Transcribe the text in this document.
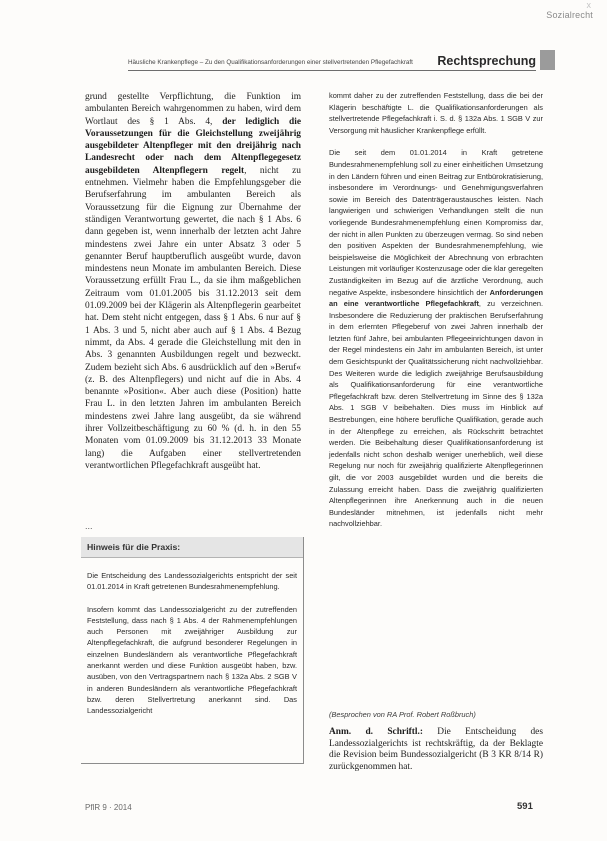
x
Sozialrecht
Häusliche Krankenpflege – Zu den Qualifikationsanforderungen einer stellvertretenden Pflegefachkraft Rechtsprechung

grund gestellte Verpflichtung, die Funktion im ambulanten Bereich wahrgenommen zu haben, wird dem Wortlaut des § 1 Abs. 4, der lediglich die Voraussetzungen für die Gleichstellung zweijährig ausgebildeter Altenpfleger mit den dreijährig nach Landesrecht oder nach dem Altenpflegegesetz ausgebildeten Altenpflegern regelt, nicht zu entnehmen. Vielmehr haben die Empfehlungsgeber die Berufserfahrung im ambulanten Bereich als Voraussetzung für die Eignung zur Übernahme der ständigen Verantwortung gewertet, die nach § 1 Abs. 6 dann gegeben ist, wenn innerhalb der letzten acht Jahre mindestens zwei Jahre ein unter Absatz 3 oder 5 genannter Beruf hauptberuflich ausgeübt wurde, davon mindestens neun Monate im ambulanten Bereich. Diese Voraussetzung erfüllt Frau L., da sie ihm maßgeblichen Zeitraum vom 01.01.2005 bis 31.12.2013 seit dem 01.09.2009 bei der Klägerin als Altenpflegerin gearbeitet hat. Dem steht nicht entgegen, dass § 1 Abs. 6 nur auf § 1 Abs. 3 und 5, nicht aber auch auf § 1 Abs. 4 Bezug nimmt, da Abs. 4 gerade die Gleichstellung mit den in Abs. 3 genannten Ausbildungen regelt und bezweckt. Zudem bezieht sich Abs. 6 ausdrücklich auf den »Beruf« (z. B. des Altenpflegers) und nicht auf die in Abs. 4 benannte »Position«. Aber auch diese (Position) hatte Frau L. in den letzten Jahren im ambulanten Bereich mindestens zwei Jahre lang ausgeübt, da sie während ihrer Vollzeitbeschäftigung zu 60 % (d. h. in den 55 Monaten vom 01.09.2009 bis 31.12.2013 33 Monate lang) die Aufgaben einer stellvertretenden verantwortlichen Pflegefachkraft ausgeübt hat.

...

Hinweis für die Praxis:

Die Entscheidung des Landessozialgerichts entspricht der seit 01.01.2014 in Kraft getretenen Bundesrahmenempfehlung.

Insofern kommt das Landessozialgericht zu der zutreffenden Feststellung, dass nach § 1 Abs. 4 der Rahmenempfehlungen auch Personen mit zweijähriger Ausbildung zur Altenpflegefachkraft, die aufgrund besonderer Regelungen in einzelnen Bundesländern als verantwortliche Pflegefachkraft anerkannt werden und diese Funktion ausgeübt haben, bzw. ausüben, von den Vertragspartnern nach § 132a Abs. 2 SGB V in anderen Bundesländern als verantwortliche Pflegefachkraft bzw. deren Stellvertretung anerkannt sind. Das Landessozialgericht

kommt daher zu der zutreffenden Feststellung, dass die bei der Klägerin beschäftigte L. die Qualifikationsanforderungen als stellvertretende Pflegefachkraft i. S. d. § 132a Abs. 1 SGB V zur Versorgung mit häuslicher Krankenpflege erfüllt.

Die seit dem 01.01.2014 in Kraft getretene Bundesrahmenempfehlung soll zu einer einheitlichen Umsetzung in den Ländern führen und einen Beitrag zur Entbürokratisierung, insbesondere im Verordnungs- und Genehmigungsverfahren sowie im Bereich des Datenträgeraustausches leisten. Nach langwierigen und schwierigen Verhandlungen stellt die nun vorliegende Bundesrahmenempfehlung einen Kompromiss dar, der nicht in allen Punkten zu überzeugen vermag. So sind neben den positiven Aspekten der Bundesrahmenempfehlung, wie beispielsweise die Möglichkeit der Abrechnung von erbrachten Leistungen mit vorläufiger Kostenzusage oder die klar geregelten Zuständigkeiten im Bezug auf die ärztliche Verordnung, auch negative Aspekte, insbesondere hinsichtlich der Anforderungen an eine verantwortliche Pflegefachkraft, zu verzeichnen. Insbesondere die Reduzierung der praktischen Berufserfahrung in dem erlernten Pflegeberuf von zwei Jahren innerhalb der letzten fünf Jahre, bei ambulanten Pflegeeinrichtungen davon in der Regel mindestens ein Jahr im ambulanten Bereich, ist unter dem Gesichtspunkt der Qualitätssicherung nicht nachvollziehbar. Des Weiteren wurde die lediglich zweijährige Berufsausbildung als Qualifikationsanforderung für eine verantwortliche Pflegefachkraft bzw. deren Stellvertretung im Sinne des § 132a Abs. 1 SGB V beibehalten. Dies muss im Hinblick auf Bestrebungen, eine höhere berufliche Qualifikation, gerade auch in der Altenpflege zu erreichen, als Rückschritt betrachtet werden. Die Beibehaltung dieser Qualifikationsanforderung ist jedenfalls nicht schon deshalb weniger unerheblich, weil diese Regelung nur noch für zweijährig qualifizierte Altenpflegerinnen gilt, die vor 2003 ausgebildet wurden und die bereits die Zulassung erreicht haben. Dass die zweijährig qualifizierten Altenpflegerinnen ihre Anerkennung auch in die neuen Bundesländer mitnehmen, ist jedenfalls nicht mehr nachvollziehbar.

(Besprochen von RA Prof. Robert Roßbruch)

Anm. d. Schriftl.: Die Entscheidung des Landessozialgerichts ist rechtskräftig, da der Beklagte die Revision beim Bundessozialgericht (B 3 KR 8/14 R) zurückgenommen hat.

PflR 9 · 2014	591
